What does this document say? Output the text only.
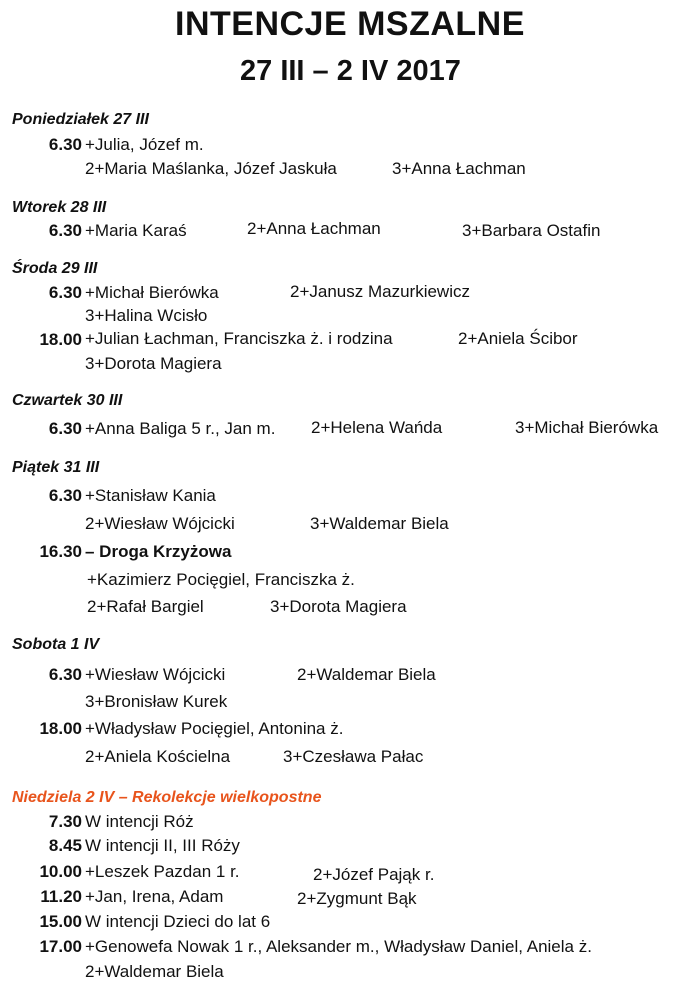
INTENCJE MSZALNE
27 III – 2 IV 2017
Poniedziałek 27 III
6.30 +Julia, Józef m.
2+Maria Maślanka, Józef Jaskuła	3+Anna Łachman
Wtorek 28 III
6.30 +Maria Karaś	2+Anna Łachman	3+Barbara Ostafin
Środa 29 III
6.30 +Michał Bierówka	2+Janusz Mazurkiewicz
3+Halina Wcisło
18.00 +Julian Łachman, Franciszka ż. i rodzina	2+Aniela Ścibor
3+Dorota Magiera
Czwartek 30 III
6.30 +Anna Baliga 5 r., Jan m. 2+Helena Wańda	3+Michał Bierówka
Piątek 31 III
6.30 +Stanisław Kania
2+Wiesław Wójcicki	3+Waldemar Biela
16.30 – Droga Krzyżowa
+Kazimierz Pocięgiel, Franciszka ż.
2+Rafał Bargiel	3+Dorota Magiera
Sobota 1 IV
6.30 +Wiesław Wójcicki	2+Waldemar Biela
3+Bronisław Kurek
18.00 +Władysław Pocięgiel, Antonina ż.
2+Aniela Kościelna	3+Czesława Pałac
Niedziela 2 IV – Rekolekcje wielkopostne
7.30 W intencji Róż
8.45 W intencji II, III Róży
10.00 +Leszek Pazdan 1 r.	2+Józef Pająk r.
11.20 +Jan, Irena, Adam	2+Zygmunt Bąk
15.00 W intencji Dzieci do lat 6
17.00 +Genowefa Nowak 1 r., Aleksander m., Władysław Daniel, Aniela ż.
2+Waldemar Biela
